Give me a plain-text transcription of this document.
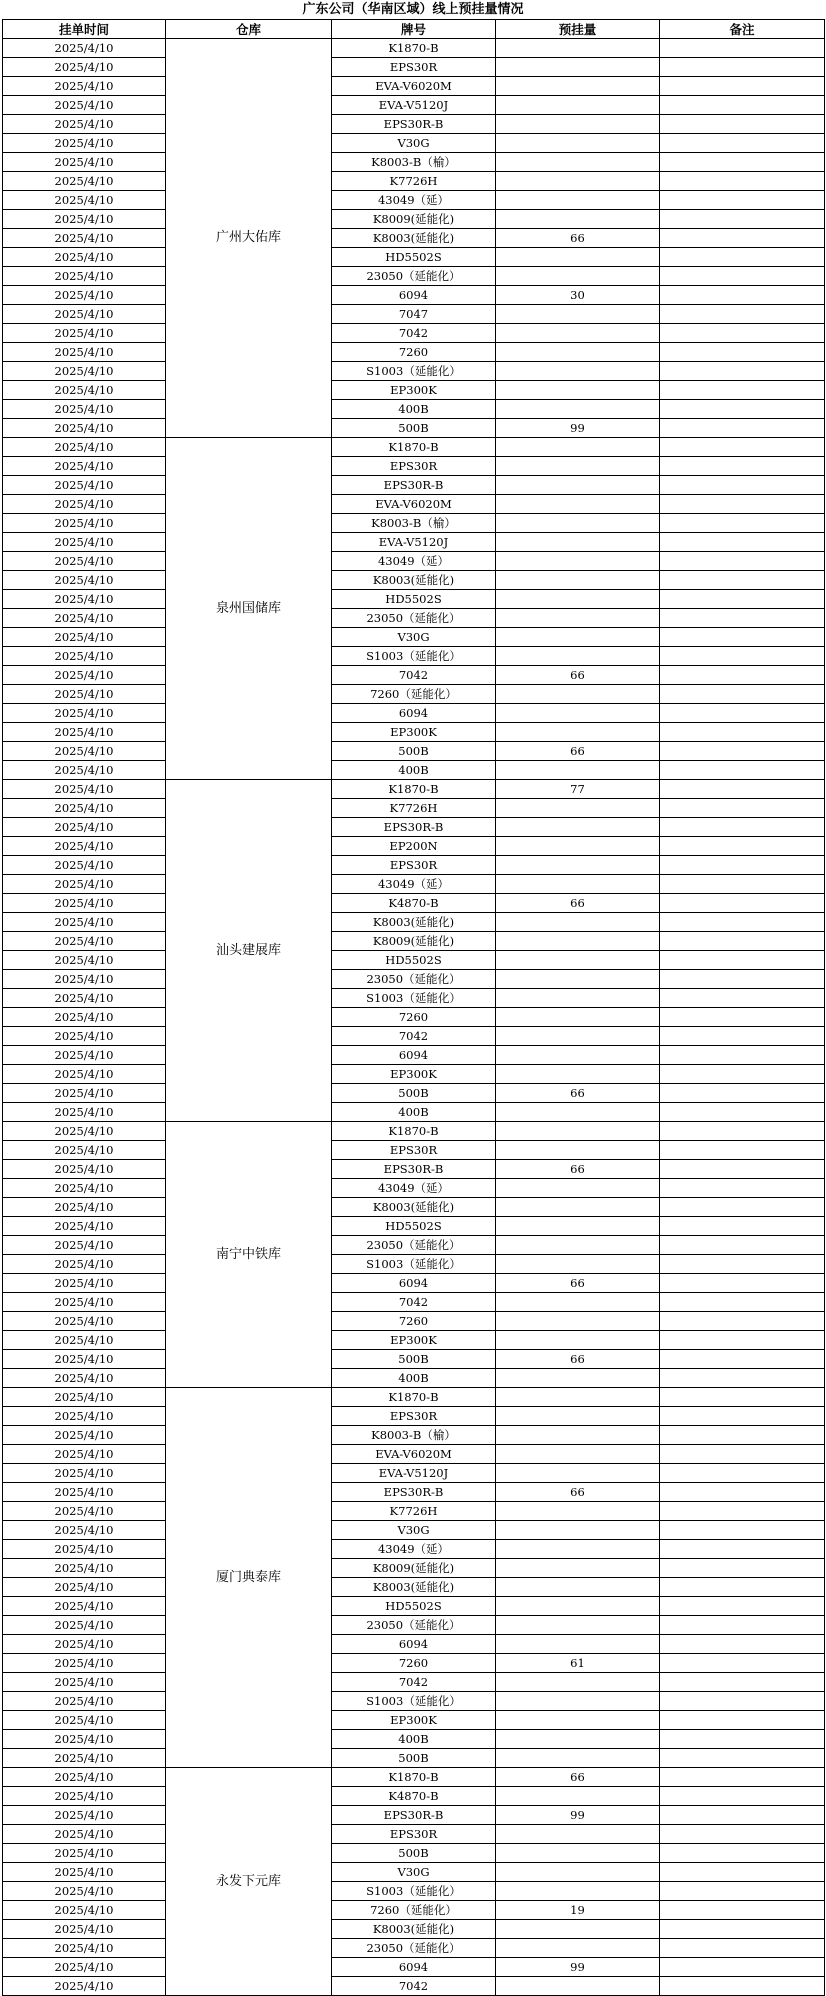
广东公司（华南区域）线上预挂量情况
挂单时间	仓库	牌号	预挂量	备注
2025/4/10	广州大佑库	K1870-B		
2025/4/10		EPS30R		
2025/4/10		EVA-V6020M		
2025/4/10		EVA-V5120J		
2025/4/10		EPS30R-B		
2025/4/10		V30G		
2025/4/10		K8003-B（榆）		
2025/4/10		K7726H		
2025/4/10		43049（延）		
2025/4/10		K8009(延能化)		
2025/4/10		K8003(延能化)	66	
2025/4/10		HD5502S		
2025/4/10		23050（延能化）		
2025/4/10		6094	30	
2025/4/10		7047		
2025/4/10		7042		
2025/4/10		7260		
2025/4/10		S1003（延能化）		
2025/4/10		EP300K		
2025/4/10		400B		
2025/4/10		500B	99	
2025/4/10	泉州国储库	K1870-B		
2025/4/10		EPS30R		
2025/4/10		EPS30R-B		
2025/4/10		EVA-V6020M		
2025/4/10		K8003-B（榆）		
2025/4/10		EVA-V5120J		
2025/4/10		43049（延）		
2025/4/10		K8003(延能化)		
2025/4/10		HD5502S		
2025/4/10		23050（延能化）		
2025/4/10		V30G		
2025/4/10		S1003（延能化）		
2025/4/10		7042	66	
2025/4/10		7260（延能化）		
2025/4/10		6094		
2025/4/10		EP300K		
2025/4/10		500B	66	
2025/4/10		400B		
2025/4/10	汕头建展库	K1870-B	77	
2025/4/10		K7726H		
2025/4/10		EPS30R-B		
2025/4/10		EP200N		
2025/4/10		EPS30R		
2025/4/10		43049（延）		
2025/4/10		K4870-B	66	
2025/4/10		K8003(延能化)		
2025/4/10		K8009(延能化)		
2025/4/10		HD5502S		
2025/4/10		23050（延能化）		
2025/4/10		S1003（延能化）		
2025/4/10		7260		
2025/4/10		7042		
2025/4/10		6094		
2025/4/10		EP300K		
2025/4/10		500B	66	
2025/4/10		400B		
2025/4/10	南宁中铁库	K1870-B		
2025/4/10		EPS30R		
2025/4/10		EPS30R-B	66	
2025/4/10		43049（延）		
2025/4/10		K8003(延能化)		
2025/4/10		HD5502S		
2025/4/10		23050（延能化）		
2025/4/10		S1003（延能化）		
2025/4/10		6094	66	
2025/4/10		7042		
2025/4/10		7260		
2025/4/10		EP300K		
2025/4/10		500B	66	
2025/4/10		400B		
2025/4/10	厦门典泰库	K1870-B		
2025/4/10		EPS30R		
2025/4/10		K8003-B（榆）		
2025/4/10		EVA-V6020M		
2025/4/10		EVA-V5120J		
2025/4/10		EPS30R-B	66	
2025/4/10		K7726H		
2025/4/10		V30G		
2025/4/10		43049（延）		
2025/4/10		K8009(延能化)		
2025/4/10		K8003(延能化)		
2025/4/10		HD5502S		
2025/4/10		23050（延能化）		
2025/4/10		6094		
2025/4/10		7260	61	
2025/4/10		7042		
2025/4/10		S1003（延能化）		
2025/4/10		EP300K		
2025/4/10		400B		
2025/4/10		500B		
2025/4/10	永发下元库	K1870-B	66	
2025/4/10		K4870-B		
2025/4/10		EPS30R-B	99	
2025/4/10		EPS30R		
2025/4/10		500B		
2025/4/10		V30G		
2025/4/10		S1003（延能化）		
2025/4/10		7260（延能化）	19	
2025/4/10		K8003(延能化)		
2025/4/10		23050（延能化）		
2025/4/10		6094	99	
2025/4/10		7042		
